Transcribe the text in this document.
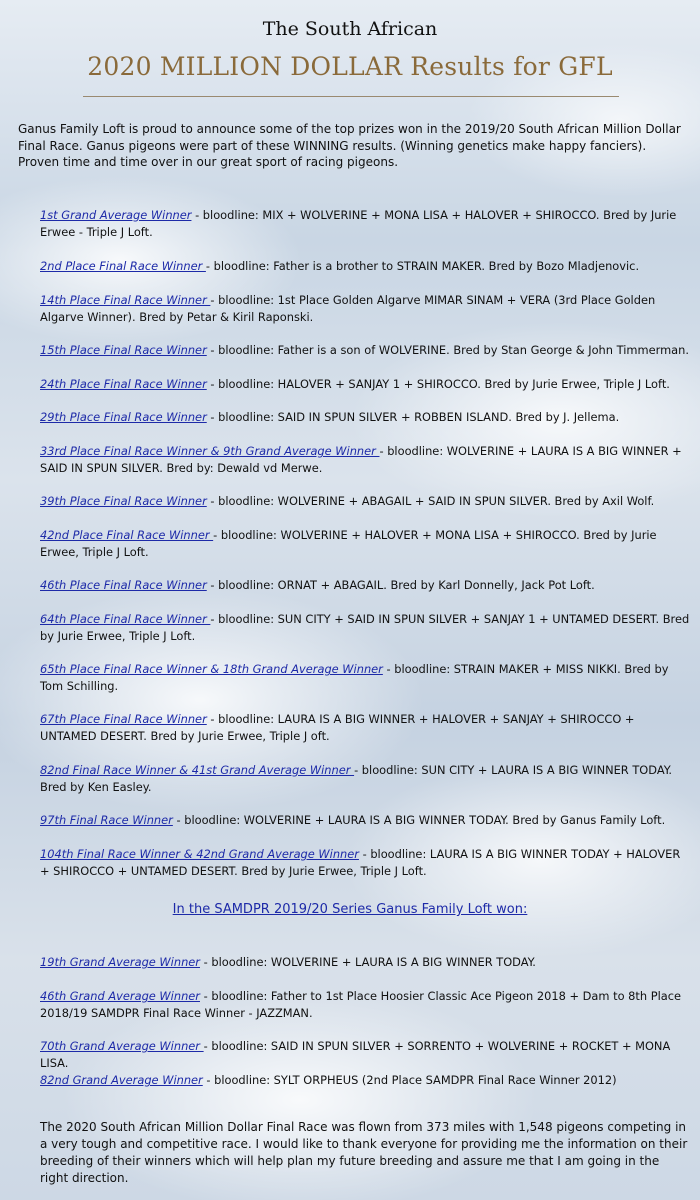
The South African
2020 MILLION DOLLAR Results for GFL
Ganus Family Loft is proud to announce some of the top prizes won in the 2019/20 South African Million Dollar Final Race. Ganus pigeons were part of these WINNING results. (Winning genetics make happy fanciers). Proven time and time over in our great sport of racing pigeons.
1st Grand Average Winner - bloodline: MIX + WOLVERINE + MONA LISA + HALOVER + SHIROCCO. Bred by Jurie Erwee - Triple J Loft.
2nd Place Final Race Winner - bloodline: Father is a brother to STRAIN MAKER. Bred by Bozo Mladjenovic.
14th Place Final Race Winner - bloodline: 1st Place Golden Algarve MIMAR SINAM + VERA (3rd Place Golden Algarve Winner). Bred by Petar & Kiril Raponski.
15th Place Final Race Winner - bloodline: Father is a son of WOLVERINE. Bred by Stan George & John Timmerman.
24th Place Final Race Winner - bloodline: HALOVER + SANJAY 1 + SHIROCCO. Bred by Jurie Erwee, Triple J Loft.
29th Place Final Race Winner - bloodline: SAID IN SPUN SILVER + ROBBEN ISLAND. Bred by J. Jellema.
33rd Place Final Race Winner & 9th Grand Average Winner - bloodline: WOLVERINE + LAURA IS A BIG WINNER + SAID IN SPUN SILVER. Bred by: Dewald vd Merwe.
39th Place Final Race Winner - bloodline: WOLVERINE + ABAGAIL + SAID IN SPUN SILVER. Bred by Axil Wolf.
42nd Place Final Race Winner - bloodline: WOLVERINE + HALOVER + MONA LISA + SHIROCCO. Bred by Jurie Erwee, Triple J Loft.
46th Place Final Race Winner - bloodline: ORNAT + ABAGAIL. Bred by Karl Donnelly, Jack Pot Loft.
64th Place Final Race Winner - bloodline: SUN CITY + SAID IN SPUN SILVER + SANJAY 1 + UNTAMED DESERT. Bred by Jurie Erwee, Triple J Loft.
65th Place Final Race Winner & 18th Grand Average Winner - bloodline: STRAIN MAKER + MISS NIKKI. Bred by Tom Schilling.
67th Place Final Race Winner - bloodline: LAURA IS A BIG WINNER + HALOVER + SANJAY + SHIROCCO + UNTAMED DESERT. Bred by Jurie Erwee, Triple J oft.
82nd Final Race Winner & 41st Grand Average Winner - bloodline: SUN CITY + LAURA IS A BIG WINNER TODAY. Bred by Ken Easley.
97th Final Race Winner - bloodline: WOLVERINE + LAURA IS A BIG WINNER TODAY. Bred by Ganus Family Loft.
104th Final Race Winner & 42nd Grand Average Winner - bloodline: LAURA IS A BIG WINNER TODAY + HALOVER + SHIROCCO + UNTAMED DESERT. Bred by Jurie Erwee, Triple J Loft.
In the SAMDPR 2019/20 Series Ganus Family Loft won:
19th Grand Average Winner - bloodline: WOLVERINE + LAURA IS A BIG WINNER TODAY.
46th Grand Average Winner - bloodline: Father to 1st Place Hoosier Classic Ace Pigeon 2018 + Dam to 8th Place 2018/19 SAMDPR Final Race Winner - JAZZMAN.
70th Grand Average Winner - bloodline: SAID IN SPUN SILVER + SORRENTO + WOLVERINE + ROCKET + MONA LISA.
82nd Grand Average Winner - bloodline: SYLT ORPHEUS (2nd Place SAMDPR Final Race Winner 2012)
The 2020 South African Million Dollar Final Race was flown from 373 miles with 1,548 pigeons competing in a very tough and competitive race. I would like to thank everyone for providing me the information on their breeding of their winners which will help plan my future breeding and assure me that I am going in the right direction.
